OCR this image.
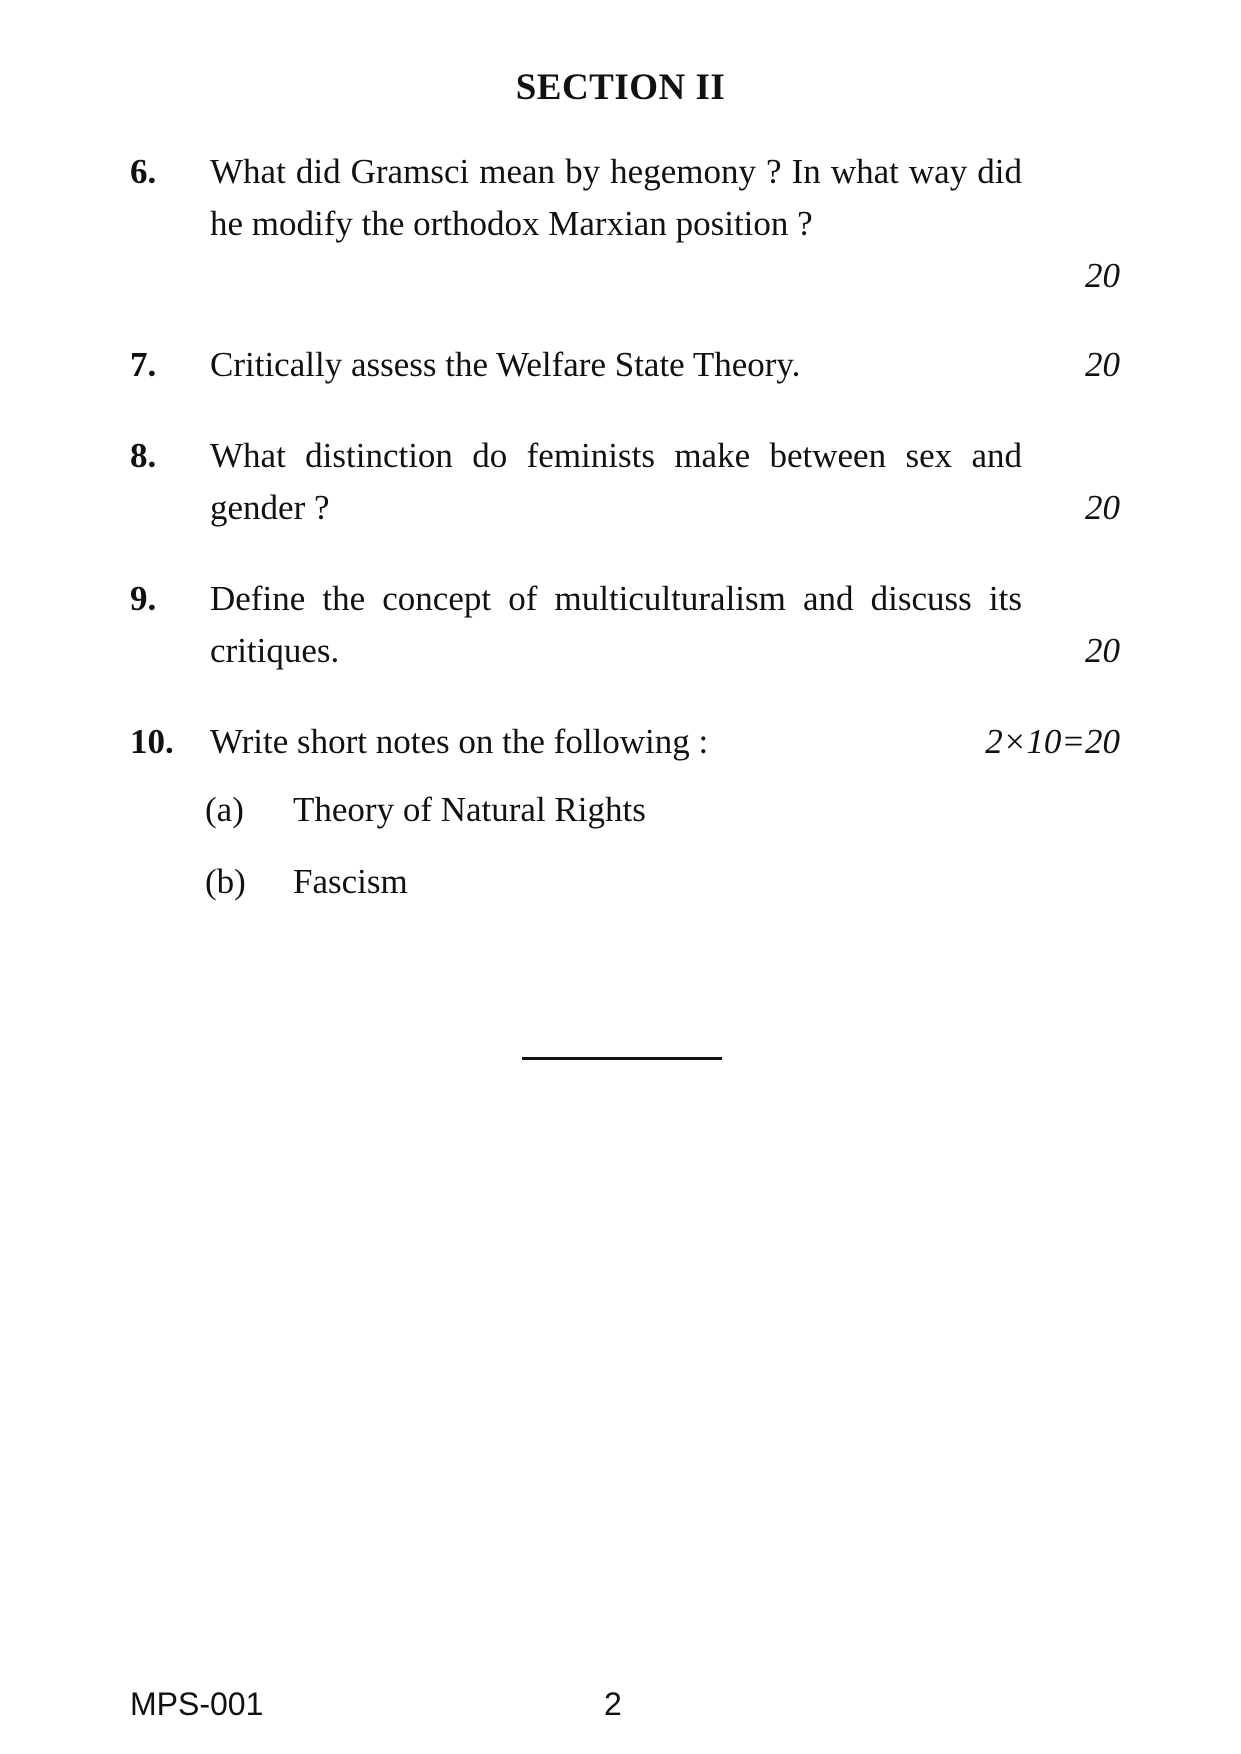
SECTION II
6. What did Gramsci mean by hegemony ? In what way did he modify the orthodox Marxian position ?
20
7. Critically assess the Welfare State Theory.	20
8. What distinction do feminists make between sex and gender ?	20
9. Define the concept of multiculturalism and discuss its critiques.	20
10. Write short notes on the following :	2×10=20
(a) Theory of Natural Rights
(b) Fascism
MPS-001	2
